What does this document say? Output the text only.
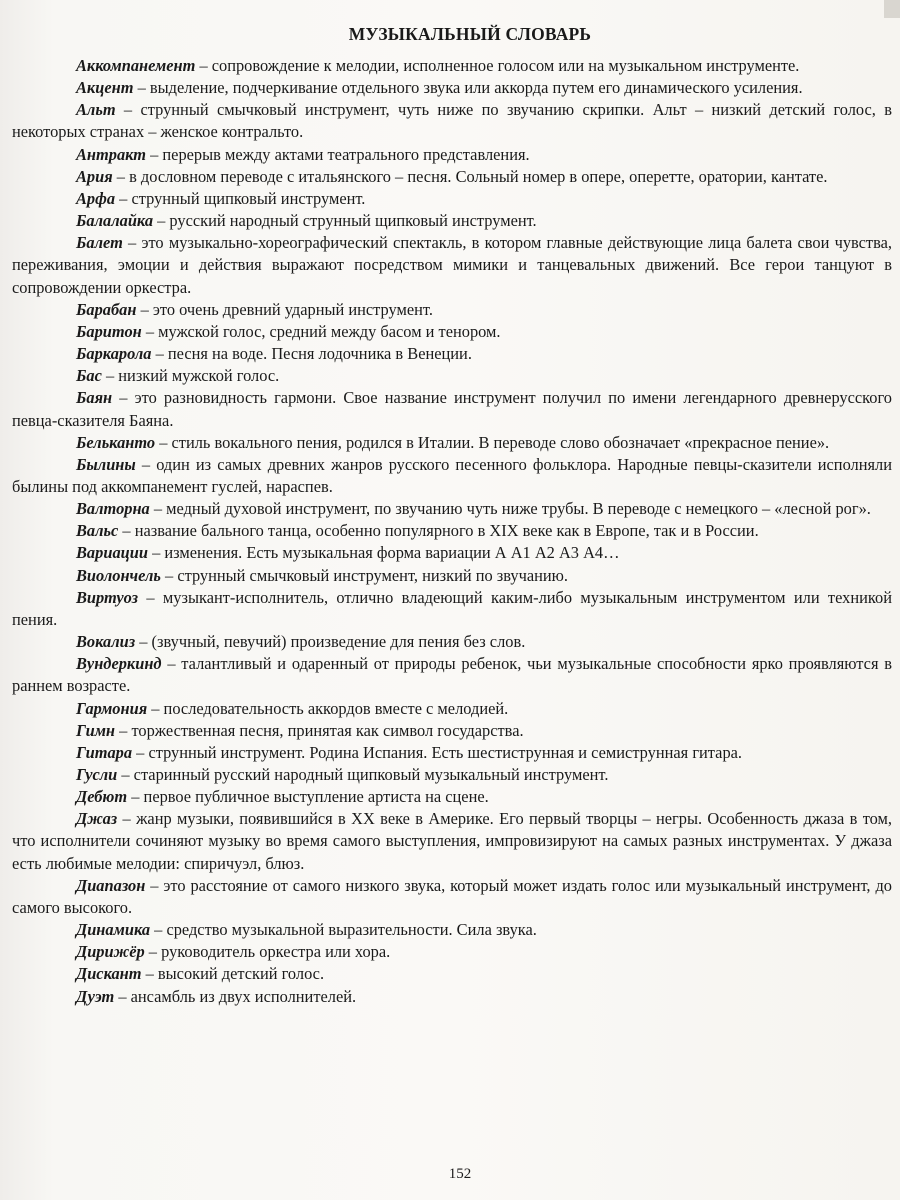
МУЗЫКАЛЬНЫЙ СЛОВАРЬ

Аккомпанемент – сопровождение к мелодии, исполненное голосом или на музыкальном инструменте.

Акцент – выделение, подчеркивание отдельного звука или аккорда путем его динамического усиления.

Альт – струнный смычковый инструмент, чуть ниже по звучанию скрипки. Альт – низкий детский голос, в некоторых странах – женское контральто.

Антракт – перерыв между актами театрального представления.

Ария – в дословном переводе с итальянского – песня. Сольный номер в опере, оперетте, оратории, кантате.

Арфа – струнный щипковый инструмент.

Балалайка – русский народный струнный щипковый инструмент.

Балет – это музыкально-хореографический спектакль, в котором главные действующие лица балета свои чувства, переживания, эмоции и действия выражают посредством мимики и танцевальных движений. Все герои танцуют в сопровождении оркестра.

Барабан – это очень древний ударный инструмент.

Баритон – мужской голос, средний между басом и тенором.

Баркарола – песня на воде. Песня лодочника в Венеции.

Бас – низкий мужской голос.

Баян – это разновидность гармони. Свое название инструмент получил по имени легендарного древнерусского певца-сказителя Баяна.

Бельканто – стиль вокального пения, родился в Италии. В переводе слово обозначает «прекрасное пение».

Былины – один из самых древних жанров русского песенного фольклора. Народные певцы-сказители исполняли былины под аккомпанемент гуслей, нараспев.

Валторна – медный духовой инструмент, по звучанию чуть ниже трубы. В переводе с немецкого – «лесной рог».

Вальс – название бального танца, особенно популярного в XIX веке как в Европе, так и в России.

Вариации – изменения. Есть музыкальная форма вариации А А1 А2 А3 А4…

Виолончель – струнный смычковый инструмент, низкий по звучанию.

Виртуоз – музыкант-исполнитель, отлично владеющий каким-либо музыкальным инструментом или техникой пения.

Вокализ – (звучный, певучий) произведение для пения без слов.

Вундеркинд – талантливый и одаренный от природы ребенок, чьи музыкальные способности ярко проявляются в раннем возрасте.

Гармония – последовательность аккордов вместе с мелодией.

Гимн – торжественная песня, принятая как символ государства.

Гитара – струнный инструмент. Родина Испания. Есть шестиструнная и семиструнная гитара.

Гусли – старинный русский народный щипковый музыкальный инструмент.

Дебют – первое публичное выступление артиста на сцене.

Джаз – жанр музыки, появившийся в XX веке в Америке. Его первый творцы – негры. Особенность джаза в том, что исполнители сочиняют музыку во время самого выступления, импровизируют на самых разных инструментах. У джаза есть любимые мелодии: спиричуэл, блюз.

Диапазон – это расстояние от самого низкого звука, который может издать голос или музыкальный инструмент, до самого высокого.

Динамика – средство музыкальной выразительности. Сила звука.

Дирижёр – руководитель оркестра или хора.

Дискант – высокий детский голос.

Дуэт – ансамбль из двух исполнителей.

152
